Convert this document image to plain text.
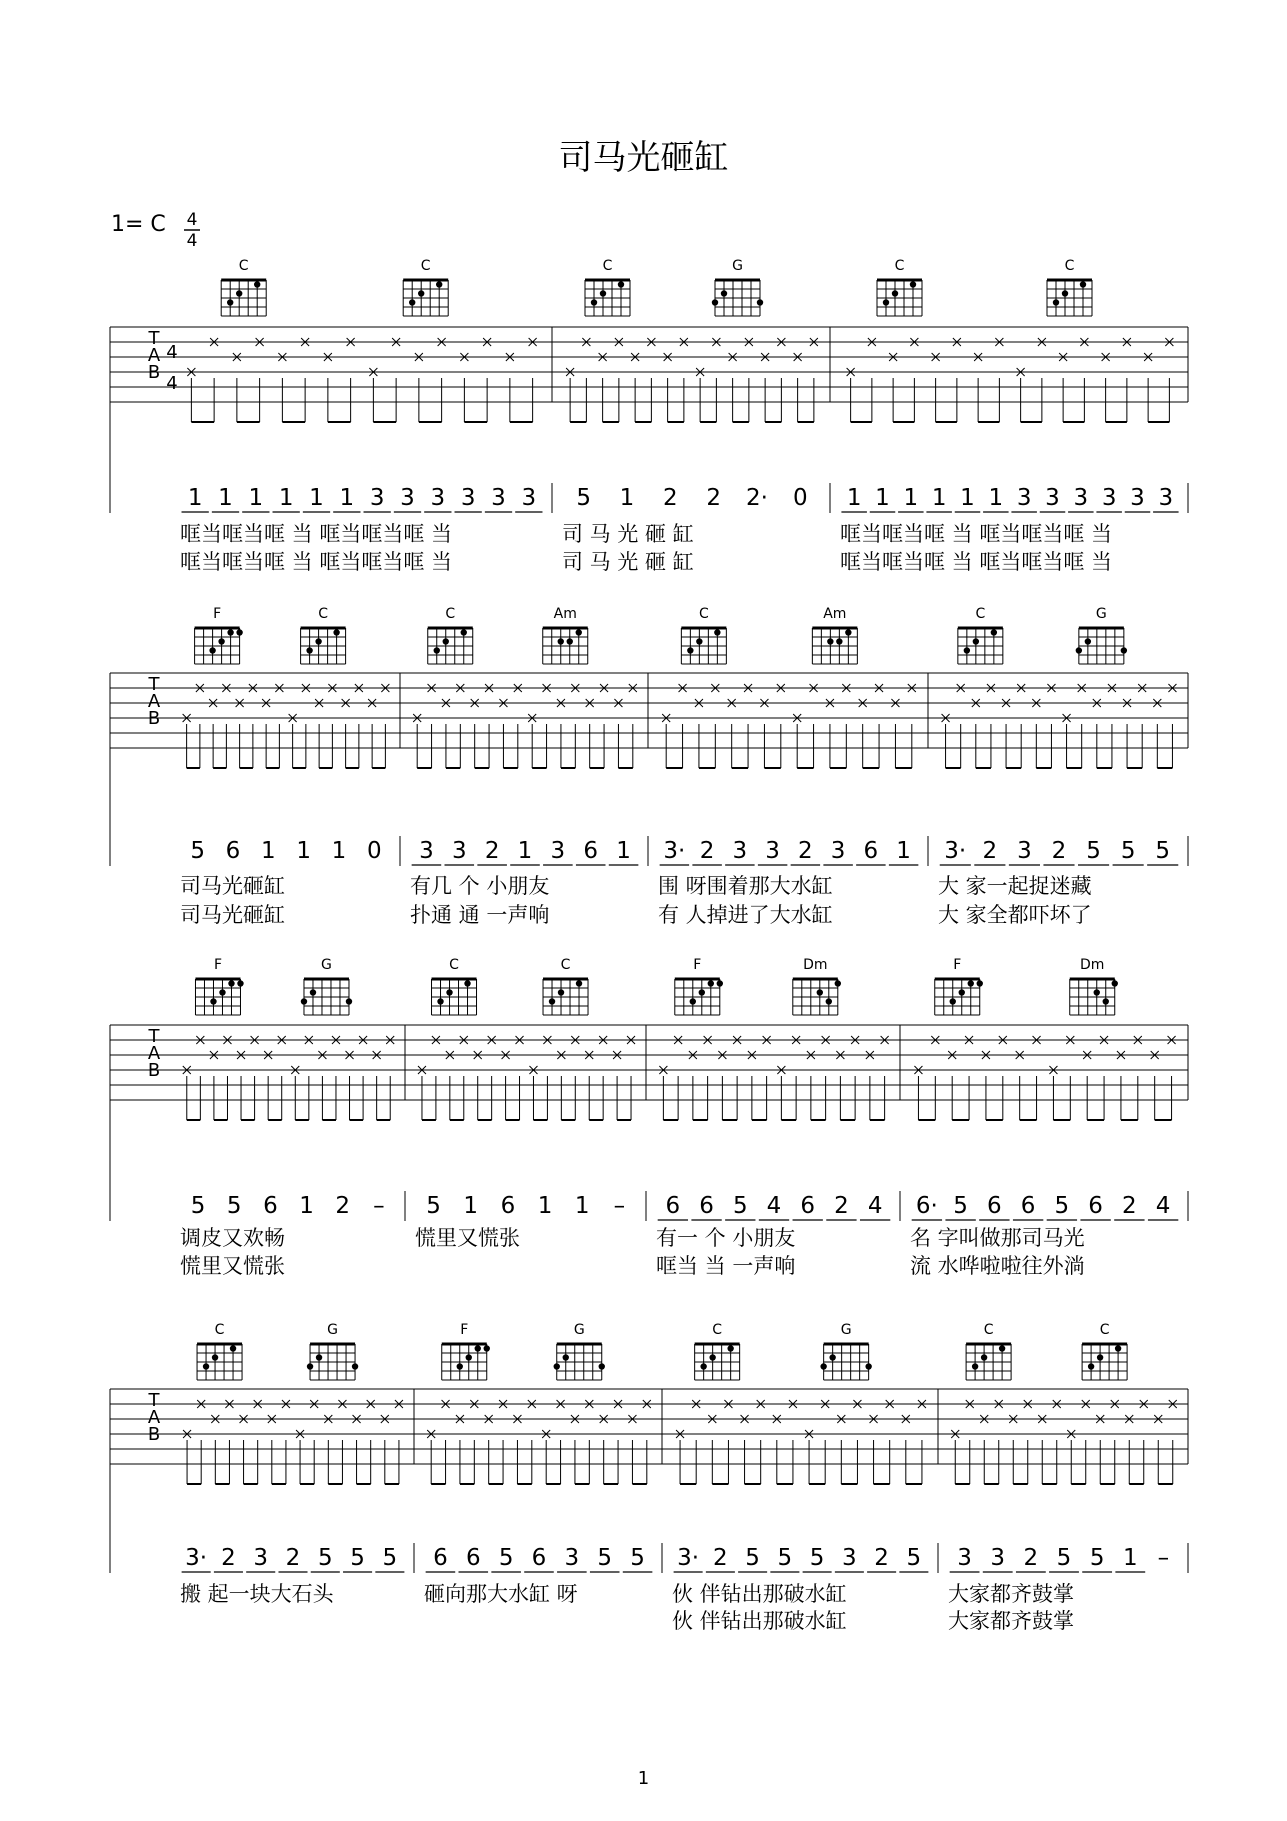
司马光砸缸
1= C 4
4
T
A
B
4
4
C	C
1 1 1 1 1 1 3 3 3 3 3 3
哐当哐当哐 当 哐当哐当哐 当
哐当哐当哐 当 哐当哐当哐 当
C	G
5 1 2 2 2· 0
司 马 光 砸 缸
司 马 光 砸 缸
C	C
1 1 1 1 1 1 3 3 3 3 3 3
哐当哐当哐 当 哐当哐当哐 当
哐当哐当哐 当 哐当哐当哐 当
T
A
B
F	C
5 6 1 1 1 0
司马光砸缸
司马光砸缸
C	Am
3 3 2 1 3 6 1
有几 个 小朋友
扑通 通 一声响
C	Am
3· 2 3 3 2 3 6 1
围 呀围着那大水缸
有 人掉进了大水缸
C	G
3· 2 3 2 5 5 5
大 家一起捉迷藏
大 家全都吓坏了
T
A
B
F	G
5 5 6 1 2 –
调皮又欢畅
慌里又慌张
C	C
5 1 6 1 1 –
慌里又慌张
F	Dm
6 6 5 4 6 2 4
有一 个 小朋友
哐当 当 一声响
F	Dm
6· 5 6 6 5 6 2 4
名 字叫做那司马光
流 水哗啦啦往外淌
T
A
B
C	G
3· 2 3 2 5 5 5
搬 起一块大石头
F	G
6 6 5 6 3 5 5
砸向那大水缸 呀
C	G
3· 2 5 5 5 3 2 5
伙 伴钻出那破水缸
伙 伴钻出那破水缸
C	C
3 3 2 5 5 1 –
大家都齐鼓掌
大家都齐鼓掌
1
